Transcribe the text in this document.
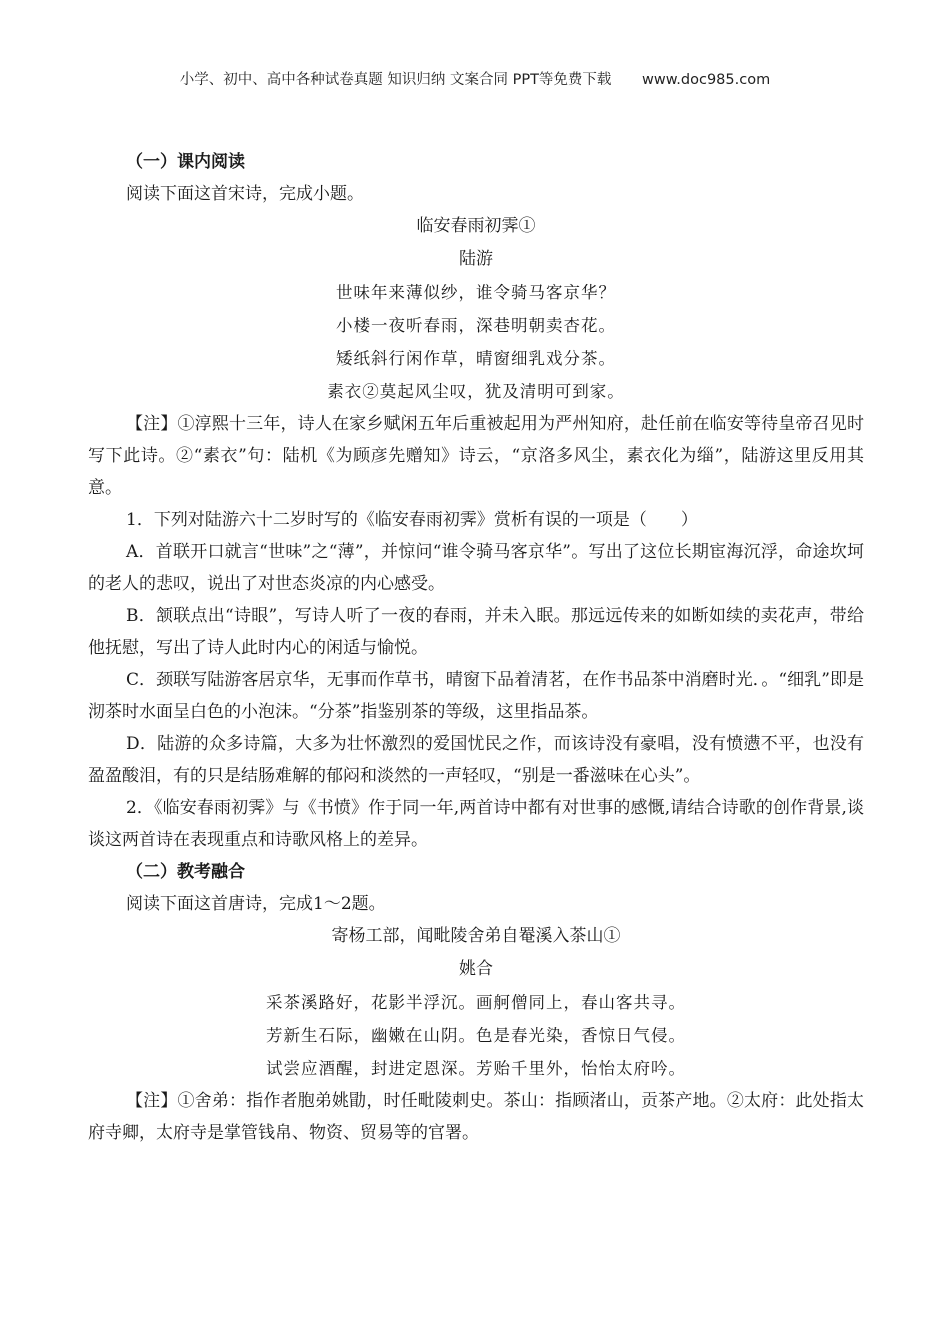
小学、初中、高中各种试卷真题 知识归纳 文案合同 PPT等免费下载 www.doc985.com

（一）课内阅读

阅读下面这首宋诗，完成小题。

临安春雨初霁①

陆游

世味年来薄似纱，谁令骑马客京华？

小楼一夜听春雨，深巷明朝卖杏花。

矮纸斜行闲作草，晴窗细乳戏分茶。

素衣②莫起风尘叹，犹及清明可到家。

【注】①淳熙十三年，诗人在家乡赋闲五年后重被起用为严州知府，赴任前在临安等待皇帝召见时写下此诗。②“素衣”句：陆机《为顾彦先赠知》诗云，“京洛多风尘，素衣化为缁”，陆游这里反用其意。

1．下列对陆游六十二岁时写的《临安春雨初霁》赏析有误的一项是（　　）

A．首联开口就言“世味”之“薄”，并惊问“谁令骑马客京华”。写出了这位长期宦海沉浮，命途坎坷的老人的悲叹，说出了对世态炎凉的内心感受。

B．颔联点出“诗眼”，写诗人听了一夜的春雨，并未入眠。那远远传来的如断如续的卖花声，带给他抚慰，写出了诗人此时内心的闲适与愉悦。

C．颈联写陆游客居京华，无事而作草书，晴窗下品着清茗，在作书品茶中消磨时光．。“细乳”即是沏茶时水面呈白色的小泡沫。“分茶”指鉴别茶的等级，这里指品茶。

D．陆游的众多诗篇，大多为壮怀激烈的爱国忧民之作，而该诗没有豪唱，没有愤懑不平，也没有盈盈酸泪，有的只是结肠难解的郁闷和淡然的一声轻叹，“别是一番滋味在心头”。

2．《临安春雨初霁》与《书愤》作于同一年,两首诗中都有对世事的感慨,请结合诗歌的创作背景,谈谈这两首诗在表现重点和诗歌风格上的差异。

（二）教考融合

阅读下面这首唐诗，完成1～2题。

寄杨工部，闻毗陵舍弟自罨溪入茶山①

姚合

采茶溪路好，花影半浮沉。画舸僧同上，春山客共寻。

芳新生石际，幽嫩在山阴。色是春光染，香惊日气侵。

试尝应酒醒，封进定恩深。芳贻千里外，怡怡太府吟。

【注】①舍弟：指作者胞弟姚勖，时任毗陵刺史。茶山：指顾渚山，贡茶产地。②太府：此处指太府寺卿，太府寺是掌管钱帛、物资、贸易等的官署。
